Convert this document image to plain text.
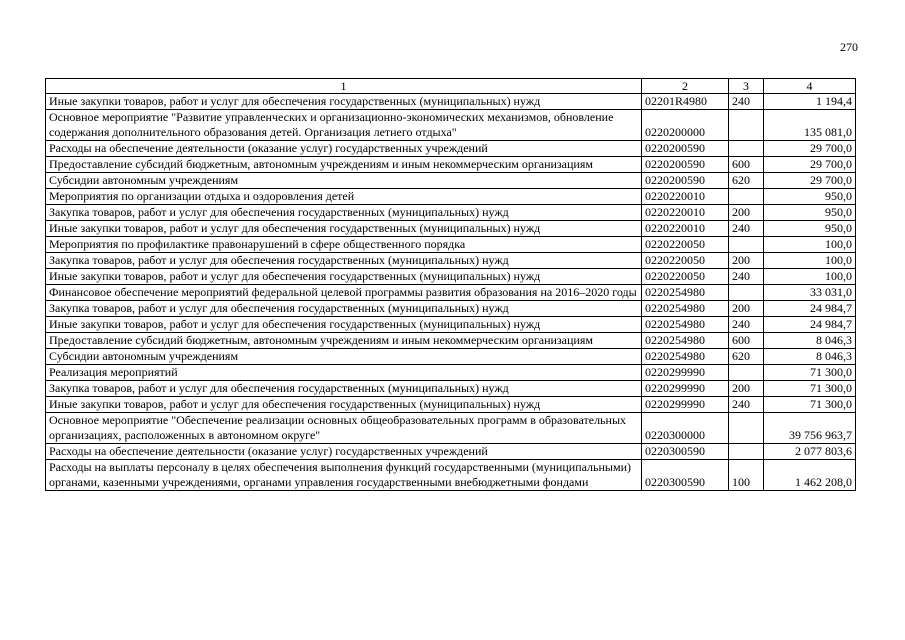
270
1	2	3	4
Иные закупки товаров, работ и услуг для обеспечения государственных (муниципальных) нужд	02201R4980	240	1 194,4
Основное мероприятие "Развитие управленческих и организационно-экономических механизмов, обновление содержания дополнительного образования детей. Организация летнего отдыха"	0220200000		135 081,0
Расходы на обеспечение деятельности (оказание услуг) государственных учреждений	0220200590		29 700,0
Предоставление субсидий бюджетным, автономным учреждениям и иным некоммерческим организациям	0220200590	600	29 700,0
Субсидии автономным учреждениям	0220200590	620	29 700,0
Мероприятия по организации отдыха и оздоровления детей	0220220010		950,0
Закупка товаров, работ и услуг для обеспечения государственных (муниципальных) нужд	0220220010	200	950,0
Иные закупки товаров, работ и услуг для обеспечения государственных (муниципальных) нужд	0220220010	240	950,0
Мероприятия по профилактике правонарушений в сфере общественного порядка	0220220050		100,0
Закупка товаров, работ и услуг для обеспечения государственных (муниципальных) нужд	0220220050	200	100,0
Иные закупки товаров, работ и услуг для обеспечения государственных (муниципальных) нужд	0220220050	240	100,0
Финансовое обеспечение мероприятий федеральной целевой программы развития образования на 2016–2020 годы	0220254980		33 031,0
Закупка товаров, работ и услуг для обеспечения государственных (муниципальных) нужд	0220254980	200	24 984,7
Иные закупки товаров, работ и услуг для обеспечения государственных (муниципальных) нужд	0220254980	240	24 984,7
Предоставление субсидий бюджетным, автономным учреждениям и иным некоммерческим организациям	0220254980	600	8 046,3
Субсидии автономным учреждениям	0220254980	620	8 046,3
Реализация мероприятий	0220299990		71 300,0
Закупка товаров, работ и услуг для обеспечения государственных (муниципальных) нужд	0220299990	200	71 300,0
Иные закупки товаров, работ и услуг для обеспечения государственных (муниципальных) нужд	0220299990	240	71 300,0
Основное мероприятие "Обеспечение реализации основных общеобразовательных программ в образовательных организациях, расположенных в автономном округе"	0220300000		39 756 963,7
Расходы на обеспечение деятельности (оказание услуг) государственных учреждений	0220300590		2 077 803,6
Расходы на выплаты персоналу в целях обеспечения выполнения функций государственными (муниципальными) органами, казенными учреждениями, органами управления государственными внебюджетными фондами	0220300590	100	1 462 208,0
